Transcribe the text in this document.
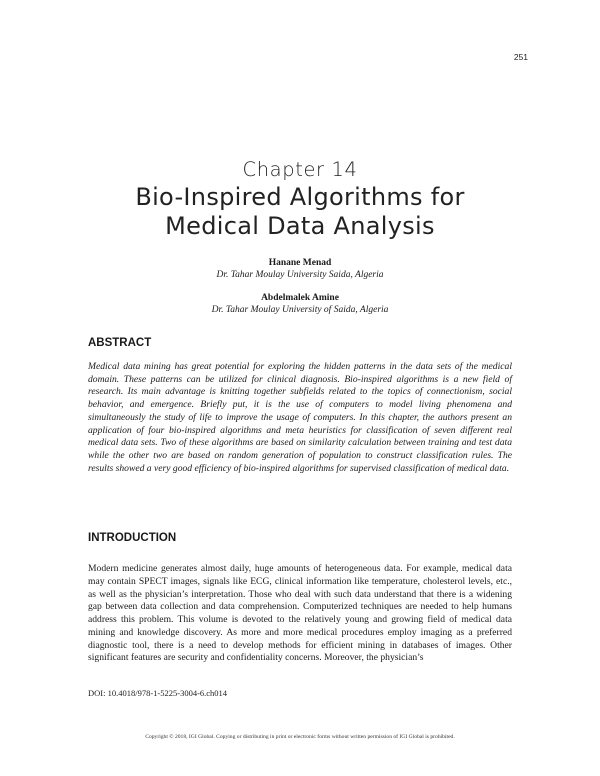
251
Chapter 14
Bio-Inspired Algorithms for
Medical Data Analysis
Hanane Menad
Dr. Tahar Moulay University Saida, Algeria
Abdelmalek Amine
Dr. Tahar Moulay University of Saida, Algeria
ABSTRACT

Medical data mining has great potential for exploring the hidden patterns in the data sets of the medical domain. These patterns can be utilized for clinical diagnosis. Bio-inspired algorithms is a new field of research. Its main advantage is knitting together subfields related to the topics of connectionism, social behavior, and emergence. Briefly put, it is the use of computers to model living phenomena and simultaneously the study of life to improve the usage of computers. In this chapter, the authors present an application of four bio-inspired algorithms and meta heuristics for classification of seven different real medical data sets. Two of these algorithms are based on similarity calculation between training and test data while the other two are based on random generation of population to construct classification rules. The results showed a very good efficiency of bio-inspired algorithms for supervised classification of medical data.

INTRODUCTION

Modern medicine generates almost daily, huge amounts of heterogeneous data. For example, medical data may contain SPECT images, signals like ECG, clinical information like temperature, cholesterol levels, etc., as well as the physician’s interpretation. Those who deal with such data understand that there is a widening gap between data collection and data comprehension. Computerized techniques are needed to help humans address this problem. This volume is devoted to the relatively young and growing field of medical data mining and knowledge discovery. As more and more medical procedures employ imaging as a preferred diagnostic tool, there is a need to develop methods for efficient mining in databases of images. Other significant features are security and confidentiality concerns. Moreover, the physician’s

DOI: 10.4018/978-1-5225-3004-6.ch014
Copyright © 2018, IGI Global. Copying or distributing in print or electronic forms without written permission of IGI Global is prohibited.
